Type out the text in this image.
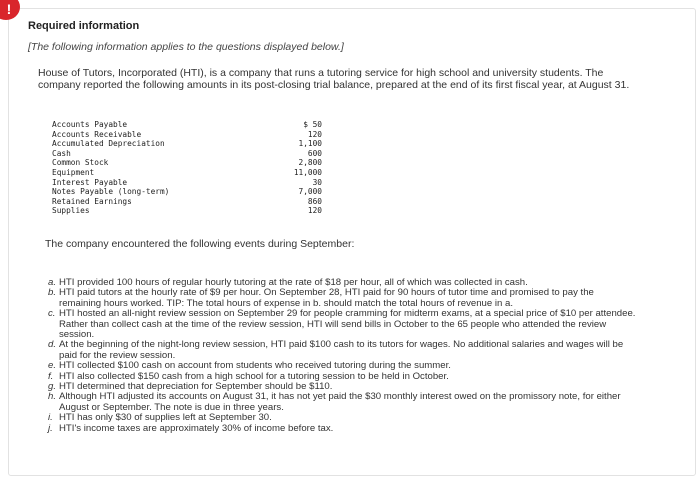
!
Required information
[The following information applies to the questions displayed below.]
House of Tutors, Incorporated (HTI), is a company that runs a tutoring service for high school and university students. The company reported the following amounts in its post-closing trial balance, prepared at the end of its first fiscal year, at August 31.
Accounts Payable	$ 50
Accounts Receivable	120
Accumulated Depreciation	1,100
Cash	600
Common Stock	2,800
Equipment	11,000
Interest Payable	30
Notes Payable (long-term)	7,000
Retained Earnings	860
Supplies	120
The company encountered the following events during September:
a. HTI provided 100 hours of regular hourly tutoring at the rate of $18 per hour, all of which was collected in cash.
b. HTI paid tutors at the hourly rate of $9 per hour. On September 28, HTI paid for 90 hours of tutor time and promised to pay the remaining hours worked. TIP: The total hours of expense in b. should match the total hours of revenue in a.
c. HTI hosted an all-night review session on September 29 for people cramming for midterm exams, at a special price of $10 per attendee. Rather than collect cash at the time of the review session, HTI will send bills in October to the 65 people who attended the review session.
d. At the beginning of the night-long review session, HTI paid $100 cash to its tutors for wages. No additional salaries and wages will be paid for the review session.
e. HTI collected $100 cash on account from students who received tutoring during the summer.
f. HTI also collected $150 cash from a high school for a tutoring session to be held in October.
g. HTI determined that depreciation for September should be $110.
h. Although HTI adjusted its accounts on August 31, it has not yet paid the $30 monthly interest owed on the promissory note, for either August or September. The note is due in three years.
i. HTI has only $30 of supplies left at September 30.
j. HTI's income taxes are approximately 30% of income before tax.
